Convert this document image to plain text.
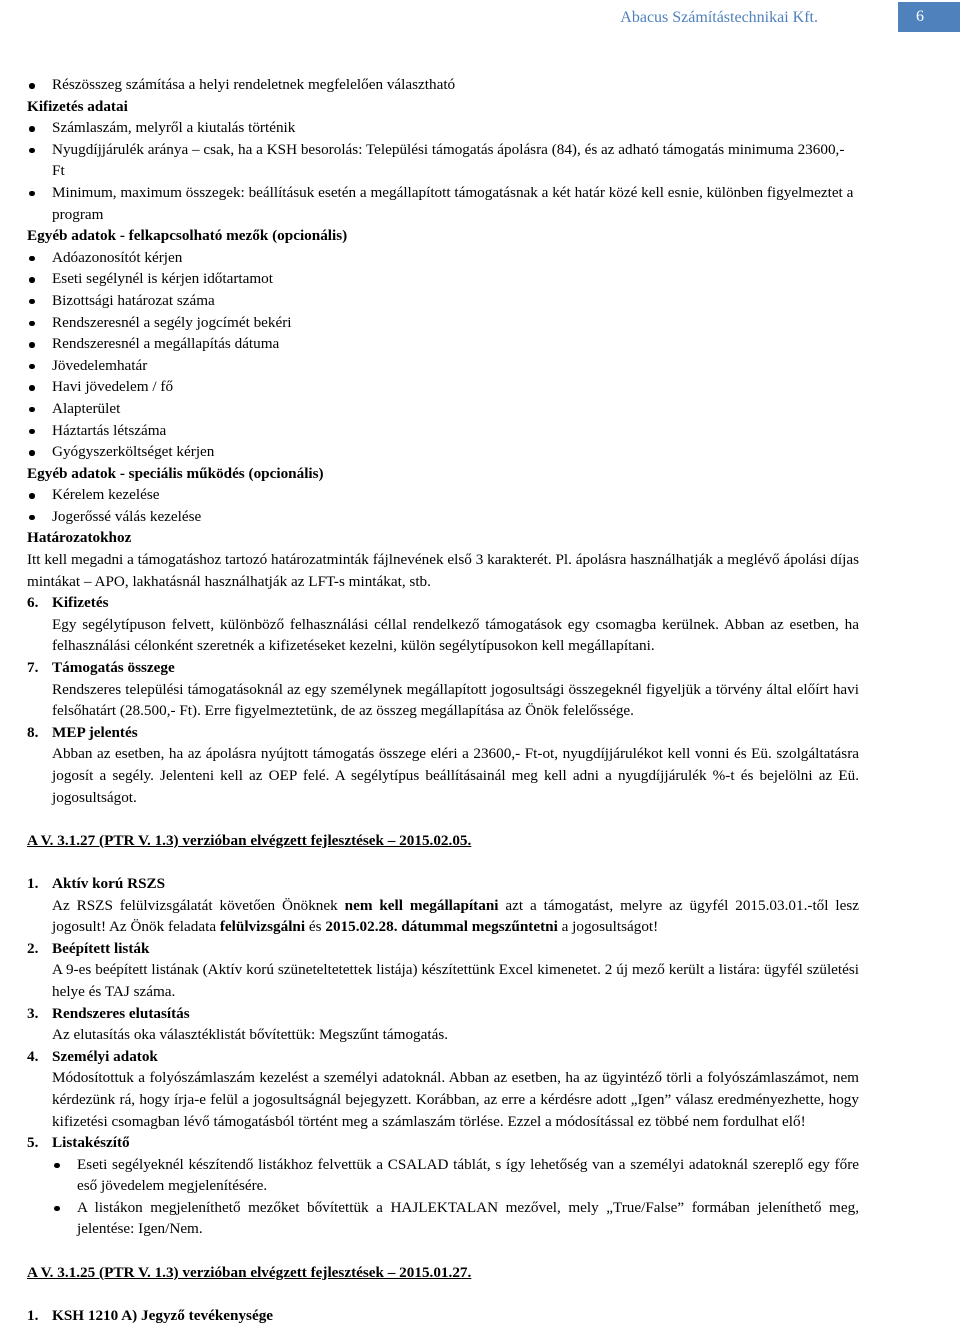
Abacus Számítástechnikai Kft.	6
Részösszeg számítása a helyi rendeletnek megfelelően választható
Kifizetés adatai
Számlaszám, melyről a kiutalás történik
Nyugdíjjárulék aránya – csak, ha a KSH besorolás: Települési támogatás ápolásra (84), és az adható támogatás minimuma 23600,- Ft
Minimum, maximum összegek: beállításuk esetén a megállapított támogatásnak a két határ közé kell esnie, különben figyelmeztet a program
Egyéb adatok - felkapcsolható mezők (opcionális)
Adóazonosítót kérjen
Eseti segélynél is kérjen időtartamot
Bizottsági határozat száma
Rendszeresnél a segély jogcímét bekéri
Rendszeresnél a megállapítás dátuma
Jövedelemhatár
Havi jövedelem / fő
Alapterület
Háztartás létszáma
Gyógyszerköltséget kérjen
Egyéb adatok - speciális működés (opcionális)
Kérelem kezelése
Jogerőssé válás kezelése
Határozatokhoz
Itt kell megadni a támogatáshoz tartozó határozatminták fájlnevének első 3 karakterét. Pl. ápolásra használhatják a meglévő ápolási díjas mintákat – APO, lakhatásnál használhatják az LFT-s mintákat, stb.
6. Kifizetés
Egy segélytípuson felvett, különböző felhasználási céllal rendelkező támogatások egy csomagba kerülnek. Abban az esetben, ha felhasználási célonként szeretnék a kifizetéseket kezelni, külön segélytípusokon kell megállapítani.
7. Támogatás összege
Rendszeres települési támogatásoknál az egy személynek megállapított jogosultsági összegeknél figyeljük a törvény által előírt havi felsőhatárt (28.500,- Ft). Erre figyelmeztetünk, de az összeg megállapítása az Önök felelőssége.
8. MEP jelentés
Abban az esetben, ha az ápolásra nyújtott támogatás összege eléri a 23600,- Ft-ot, nyugdíjjárulékot kell vonni és Eü. szolgáltatásra jogosít a segély. Jelenteni kell az OEP felé. A segélytípus beállításainál meg kell adni a nyugdíjjárulék %-t és bejelölni az Eü. jogosultságot.
A V. 3.1.27 (PTR V. 1.3) verzióban elvégzett fejlesztések – 2015.02.05.
1. Aktív korú RSZS
Az RSZS felülvizsgálatát követően Önöknek nem kell megállapítani azt a támogatást, melyre az ügyfél 2015.03.01.-től lesz jogosult! Az Önök feladata felülvizsgálni és 2015.02.28. dátummal megszűntetni a jogosultságot!
2. Beépített listák
A 9-es beépített listának (Aktív korú szüneteltetettek listája) készítettünk Excel kimenetet. 2 új mező került a listára: ügyfél születési helye és TAJ száma.
3. Rendszeres elutasítás
Az elutasítás oka választéklistát bővítettük: Megszűnt támogatás.
4. Személyi adatok
Módosítottuk a folyószámlaszám kezelést a személyi adatoknál. Abban az esetben, ha az ügyintéző törli a folyószámlaszámot, nem kérdezünk rá, hogy írja-e felül a jogosultságnál bejegyzett. Korábban, az erre a kérdésre adott „Igen” válasz eredményezhette, hogy kifizetési csomagban lévő támogatásból történt meg a számlaszám törlése. Ezzel a módosítással ez többé nem fordulhat elő!
5. Listakészítő
Eseti segélyeknél készítendő listákhoz felvettük a CSALAD táblát, s így lehetőség van a személyi adatoknál szereplő egy főre eső jövedelem megjelenítésére.
A listákon megjeleníthető mezőket bővítettük a HAJLEKTALAN mezővel, mely „True/False” formában jeleníthető meg, jelentése: Igen/Nem.
A V. 3.1.25 (PTR V. 1.3) verzióban elvégzett fejlesztések – 2015.01.27.
1. KSH 1210 A) Jegyző tevékenysége
